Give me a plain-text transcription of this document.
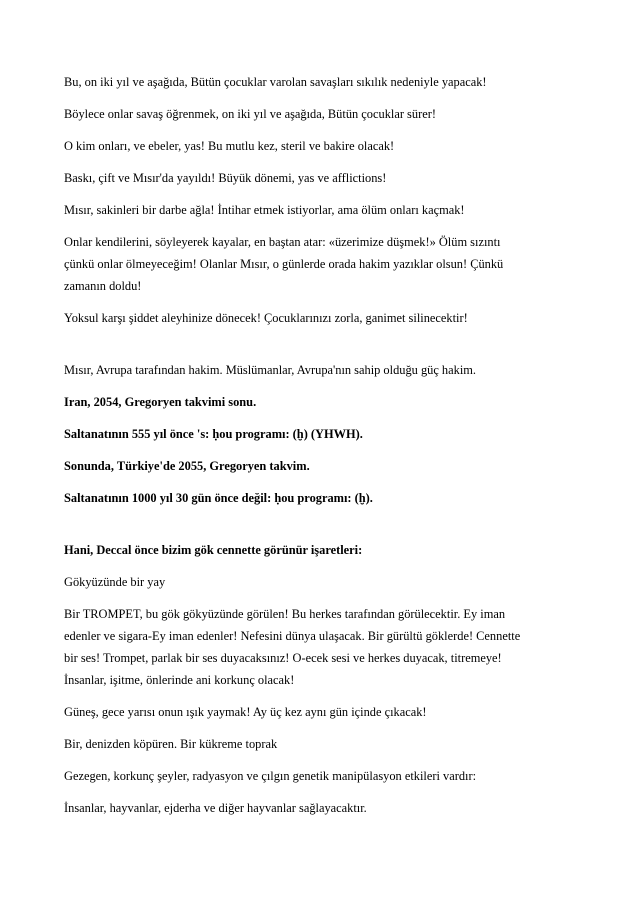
Bu, on iki yıl ve aşağıda, Bütün çocuklar varolan savaşları sıkılık nedeniyle yapacak!

Böylece onlar savaş öğrenmek, on iki yıl ve aşağıda, Bütün çocuklar sürer!

O kim onları, ve ebeler, yas! Bu mutlu kez, steril ve bakire olacak!

Baskı, çift ve Mısır'da yayıldı! Büyük dönemi, yas ve afflictions!

Mısır, sakinleri bir darbe ağla! İntihar etmek istiyorlar, ama ölüm onları kaçmak!

Onlar kendilerini, söyleyerek kayalar, en baştan atar: «üzerimize düşmek!» Ölüm sızıntı
çünkü onlar ölmeyeceğim! Olanlar Mısır, o günlerde orada hakim yazıklar olsun! Çünkü
zamanın doldu!

Yoksul karşı şiddet aleyhinize dönecek! Çocuklarınızı zorla, ganimet silinecektir!

Mısır, Avrupa tarafından hakim. Müslümanlar, Avrupa'nın sahip olduğu güç hakim.

Iran, 2054, Gregoryen takvimi sonu.

Saltanatının 555 yıl önce 's: ḥou programı: (ḫ) (YHWH).

Sonunda, Türkiye'de 2055, Gregoryen takvim.

Saltanatının 1000 yıl 30 gün önce değil: ḥou programı: (ḫ).

Hani, Deccal önce bizim gök cennette görünür işaretleri:

Gökyüzünde bir yay

Bir TROMPET, bu gök gökyüzünde görülen! Bu herkes tarafından görülecektir. Ey iman
edenler ve sigara-Ey iman edenler! Nefesini dünya ulaşacak. Bir gürültü göklerde! Cennette
bir ses! Trompet, parlak bir ses duyacaksınız! O-ecek sesi ve herkes duyacak, titremeye!
İnsanlar, işitme, önlerinde ani korkunç olacak!

Güneş, gece yarısı onun ışık yaymak! Ay üç kez aynı gün içinde çıkacak!

Bir, denizden köpüren. Bir kükreme toprak

Gezegen, korkunç şeyler, radyasyon ve çılgın genetik manipülasyon etkileri vardır:

İnsanlar, hayvanlar, ejderha ve diğer hayvanlar sağlayacaktır.
